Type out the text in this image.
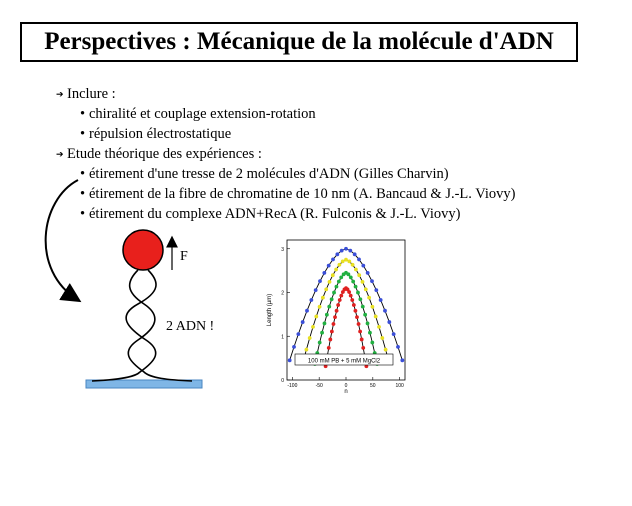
Perspectives : Mécanique de la molécule d'ADN
➔ Inclure :
• chiralité et couplage extension-rotation
• répulsion électrostatique
➔ Etude théorique des expériences :
• étirement d'une tresse de 2 molécules d'ADN (Gilles Charvin)
• étirement de la fibre de chromatine de 10 nm (A. Bancaud & J.-L. Viovy)
• étirement du complexe ADN+RecA (R. Fulconis & J.-L. Viovy)
F
2 ADN !
-100	-50	0	50	100
0
1
2
3
100 mM PB + 5 mM MgCl2
Length (µm)
n
